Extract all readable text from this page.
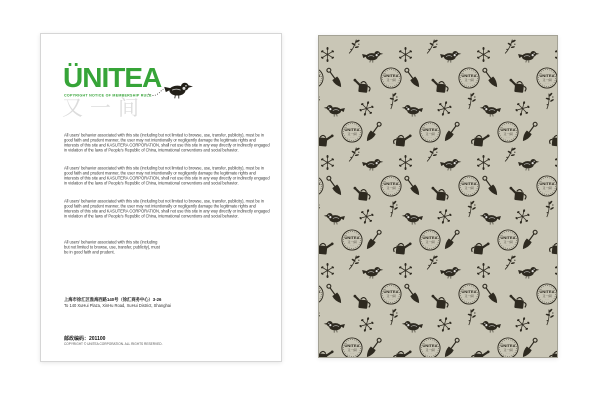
ÜNITEA
COPYRIGHT NOTICE OF MEMBERSHIP RULE
又一间

All users' behavior associated with this site (including but not limited to browse, use, transfer, publicity), must be in good faith and prudent manner, the user may not intentionally or negligently damage the legitimate rights and interests of this site and KASUTERA CORPORATION, shall not use this site in any way directly or indirectly engaged in violation of the laws of People's Republic of China, international conventions and social behavior.

All users' behavior associated with this site (including but not limited to browse, use, transfer, publicity), must be in good faith and prudent manner, the user may not intentionally or negligently damage the legitimate rights and interests of this site and KASUTERA CORPORATION, shall not use this site in any way directly or indirectly engaged in violation of the laws of People's Republic of China, international conventions and social behavior.

All users' behavior associated with this site (including but not limited to browse, use, transfer, publicity), must be in good faith and prudent manner, the user may not intentionally or negligently damage the legitimate rights and interests of this site and KASUTERA CORPORATION, shall not use this site in any way directly or indirectly engaged in violation of the laws of People's Republic of China, international conventions and social behavior.

All users' behavior associated with this site (including but not limited to browse, use, transfer, publicity), must be in good faith and prudent.

上海市徐汇区淮海西路140号（徐汇商务中心）3-26
To 140 XuHui Plaza, XinHu Road, XuHui District, Shanghai
邮政编码：201100
COPYRIGHT © UNITEA CORPORATION. ALL RIGHTS RESERVED.
